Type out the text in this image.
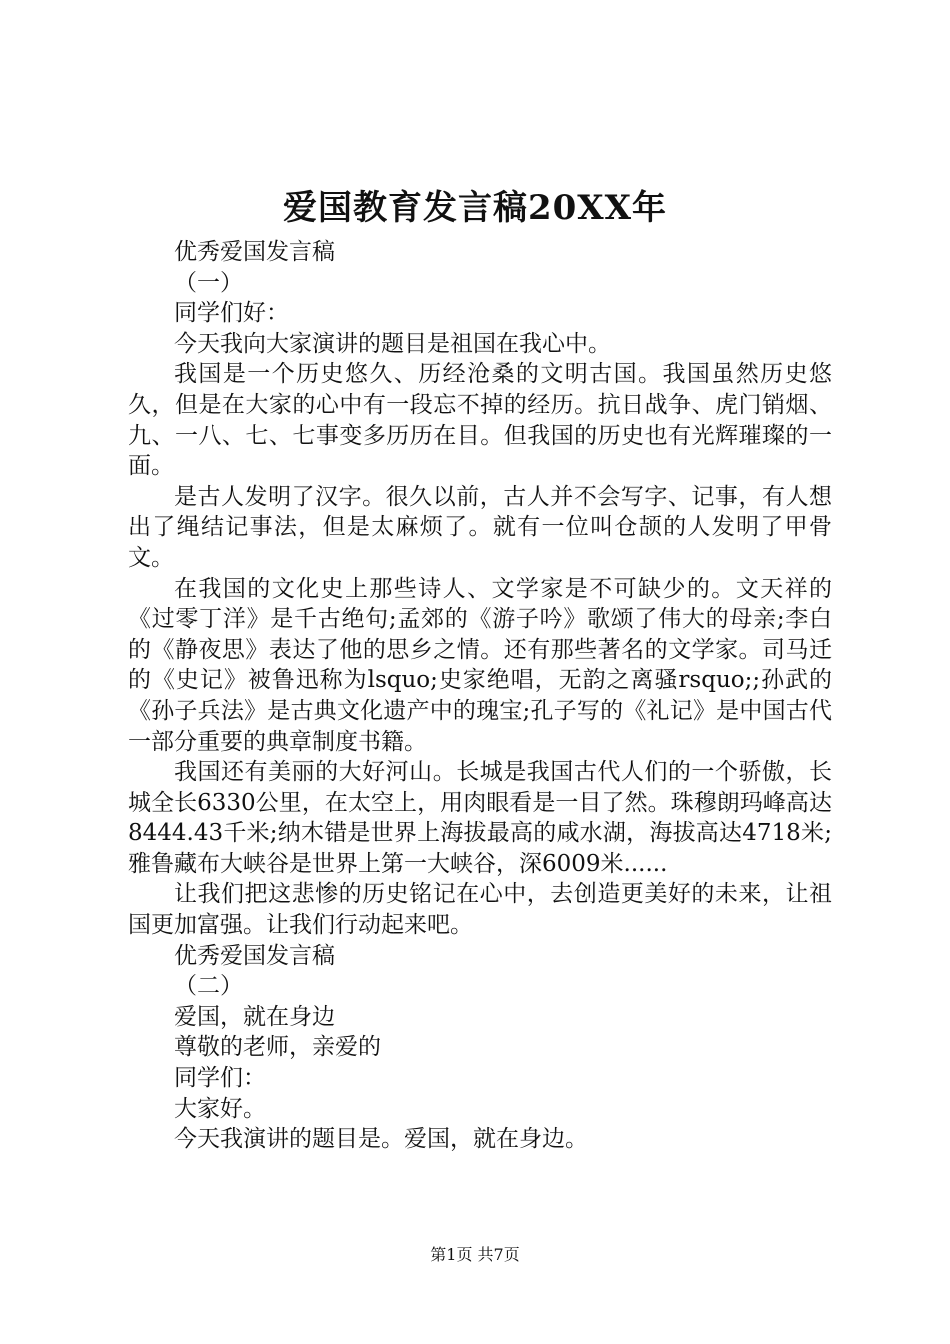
爱国教育发言稿20XX年

优秀爱国发言稿

（一）

同学们好：

今天我向大家演讲的题目是祖国在我心中。

我国是一个历史悠久、历经沧桑的文明古国。我国虽然历史悠久，但是在大家的心中有一段忘不掉的经历。抗日战争、虎门销烟、九、一八、七、七事变多历历在目。但我国的历史也有光辉璀璨的一面。

是古人发明了汉字。很久以前，古人并不会写字、记事，有人想出了绳结记事法，但是太麻烦了。就有一位叫仓颉的人发明了甲骨文。

在我国的文化史上那些诗人、文学家是不可缺少的。文天祥的《过零丁洋》是千古绝句;孟郊的《游子吟》歌颂了伟大的母亲;李白的《静夜思》表达了他的思乡之情。还有那些著名的文学家。司马迁的《史记》被鲁迅称为lsquo;史家绝唱，无韵之离骚rsquo;;孙武的《孙子兵法》是古典文化遗产中的瑰宝;孔子写的《礼记》是中国古代一部分重要的典章制度书籍。

我国还有美丽的大好河山。长城是我国古代人们的一个骄傲，长城全长6330公里，在太空上，用肉眼看是一目了然。珠穆朗玛峰高达8444.43千米;纳木错是世界上海拔最高的咸水湖，海拔高达4718米;雅鲁藏布大峡谷是世界上第一大峡谷，深6009米......

让我们把这悲惨的历史铭记在心中，去创造更美好的未来，让祖国更加富强。让我们行动起来吧。

优秀爱国发言稿

（二）

爱国，就在身边

尊敬的老师，亲爱的

同学们：

大家好。

今天我演讲的题目是。爱国，就在身边。

第1页 共7页
